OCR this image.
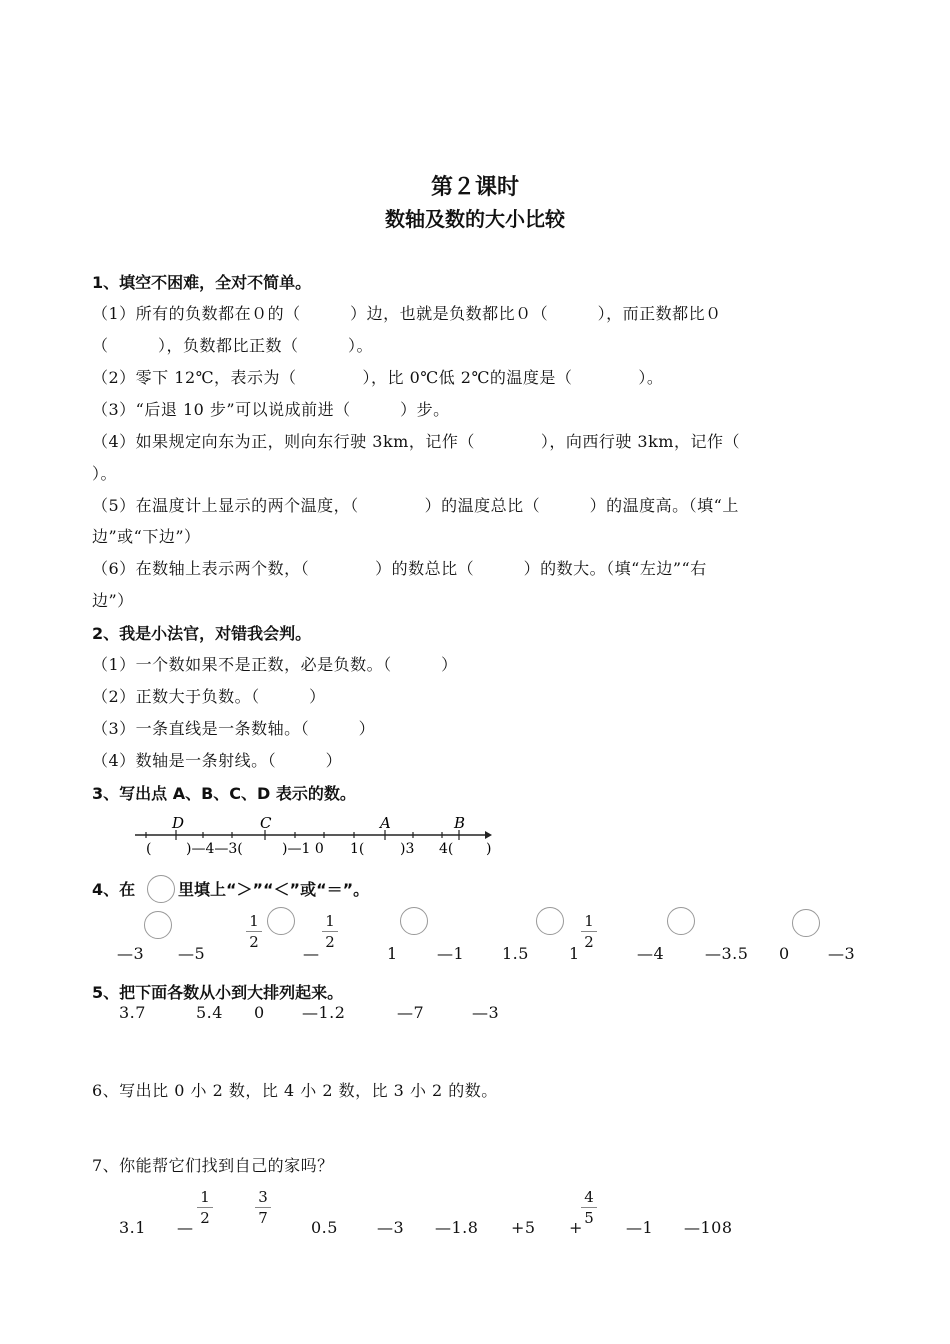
第２课时
数轴及数的大小比较
1、填空不困难，全对不简单。
（1）所有的负数都在０的（　　　）边，也就是负数都比０（　　　），而正数都比０
（　　　），负数都比正数（　　　）。
（2）零下 12℃，表示为（　　　　），比 0℃低 2℃的温度是（　　　　）。
（3）“后退 10 步”可以说成前进（　　　）步。
（4）如果规定向东为正，则向东行驶 3km，记作（　　　　），向西行驶 3km，记作（
）。
（5）在温度计上显示的两个温度，（　　　　）的温度总比（　　　）的温度高。（填“上
边”或“下边”）
（6）在数轴上表示两个数，（　　　　）的数总比（　　　）的数大。（填“左边”“右
边”）
2、我是小法官，对错我会判。
（1）一个数如果不是正数，必是负数。（　　　）
（2）正数大于负数。（　　　）
（3）一条直线是一条数轴。（　　　）
（4）数轴是一条射线。（　　　）
3、写出点 A、B、C、D 表示的数。
D	C	A	B
( )—4—3(	)—1 0 1(	)3 4( )
4、在	里填上“＞”“＜”或“＝”。
—3 —5
1
2
—
1
2
1 —1 1.5	1
1
2
—4	—3.5 0 —3
5、把下面各数从小到大排列起来。
3.7	5.4 0 —1.2	—7	—3
6、写出比 0 小 2 数，比 4 小 2 数，比 3 小 2 的数。
7、你能帮它们找到自己的家吗？
3.1 —
1
2
3
7	0.5 —3 —1.8 +5 +
4
5 —1 —108
